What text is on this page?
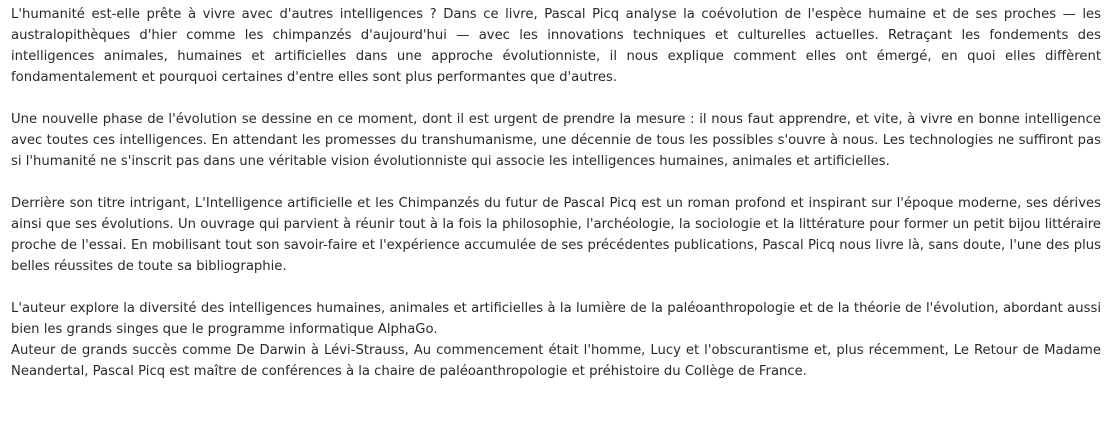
L'humanité est-elle prête à vivre avec d'autres intelligences ? Dans ce livre, Pascal Picq analyse la coévolution de l'espèce humaine et de ses proches — les australopithèques d'hier comme les chimpanzés d'aujourd'hui — avec les innovations techniques et culturelles actuelles. Retraçant les fondements des intelligences animales, humaines et artificielles dans une approche évolutionniste, il nous explique comment elles ont émergé, en quoi elles diffèrent fondamentalement et pourquoi certaines d'entre elles sont plus performantes que d'autres.

Une nouvelle phase de l'évolution se dessine en ce moment, dont il est urgent de prendre la mesure : il nous faut apprendre, et vite, à vivre en bonne intelligence avec toutes ces intelligences. En attendant les promesses du transhumanisme, une décennie de tous les possibles s'ouvre à nous. Les technologies ne suffiront pas si l'humanité ne s'inscrit pas dans une véritable vision évolutionniste qui associe les intelligences humaines, animales et artificielles.

Derrière son titre intrigant, L'Intelligence artificielle et les Chimpanzés du futur de Pascal Picq est un roman profond et inspirant sur l'époque moderne, ses dérives ainsi que ses évolutions. Un ouvrage qui parvient à réunir tout à la fois la philosophie, l'archéologie, la sociologie et la littérature pour former un petit bijou littéraire proche de l'essai. En mobilisant tout son savoir-faire et l'expérience accumulée de ses précédentes publications, Pascal Picq nous livre là, sans doute, l'une des plus belles réussites de toute sa bibliographie.

L'auteur explore la diversité des intelligences humaines, animales et artificielles à la lumière de la paléoanthropologie et de la théorie de l'évolution, abordant aussi bien les grands singes que le programme informatique AlphaGo.

Auteur de grands succès comme De Darwin à Lévi-Strauss, Au commencement était l'homme, Lucy et l'obscurantisme et, plus récemment, Le Retour de Madame Neandertal, Pascal Picq est maître de conférences à la chaire de paléoanthropologie et préhistoire du Collège de France.
